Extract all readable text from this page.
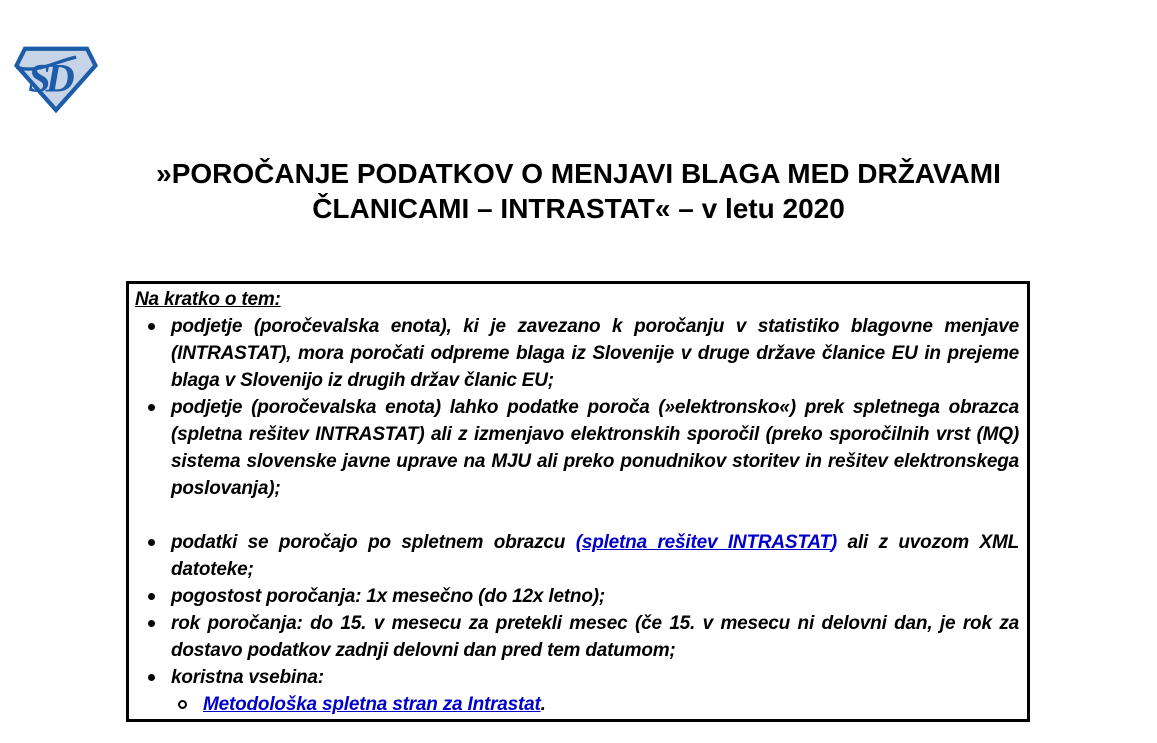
SD
»POROČANJE PODATKOV O MENJAVI BLAGA MED DRŽAVAMI
ČLANICAMI – INTRASTAT« – v letu 2020
Na kratko o tem:
podjetje (poročevalska enota), ki je zavezano k poročanju v statistiko blagovne menjave (INTRASTAT), mora poročati odpreme blaga iz Slovenije v druge države članice EU in prejeme blaga v Slovenijo iz drugih držav članic EU;
podjetje (poročevalska enota) lahko podatke poroča (»elektronsko«) prek spletnega obrazca (spletna rešitev INTRASTAT) ali z izmenjavo elektronskih sporočil (preko sporočilnih vrst (MQ) sistema slovenske javne uprave na MJU ali preko ponudnikov storitev in rešitev elektronskega poslovanja);
podatki se poročajo po spletnem obrazcu (spletna rešitev INTRASTAT) ali z uvozom XML datoteke;
pogostost poročanja: 1x mesečno (do 12x letno);
rok poročanja: do 15. v mesecu za pretekli mesec (če 15. v mesecu ni delovni dan, je rok za dostavo podatkov zadnji delovni dan pred tem datumom;
koristna vsebina:
Metodološka spletna stran za Intrastat.
